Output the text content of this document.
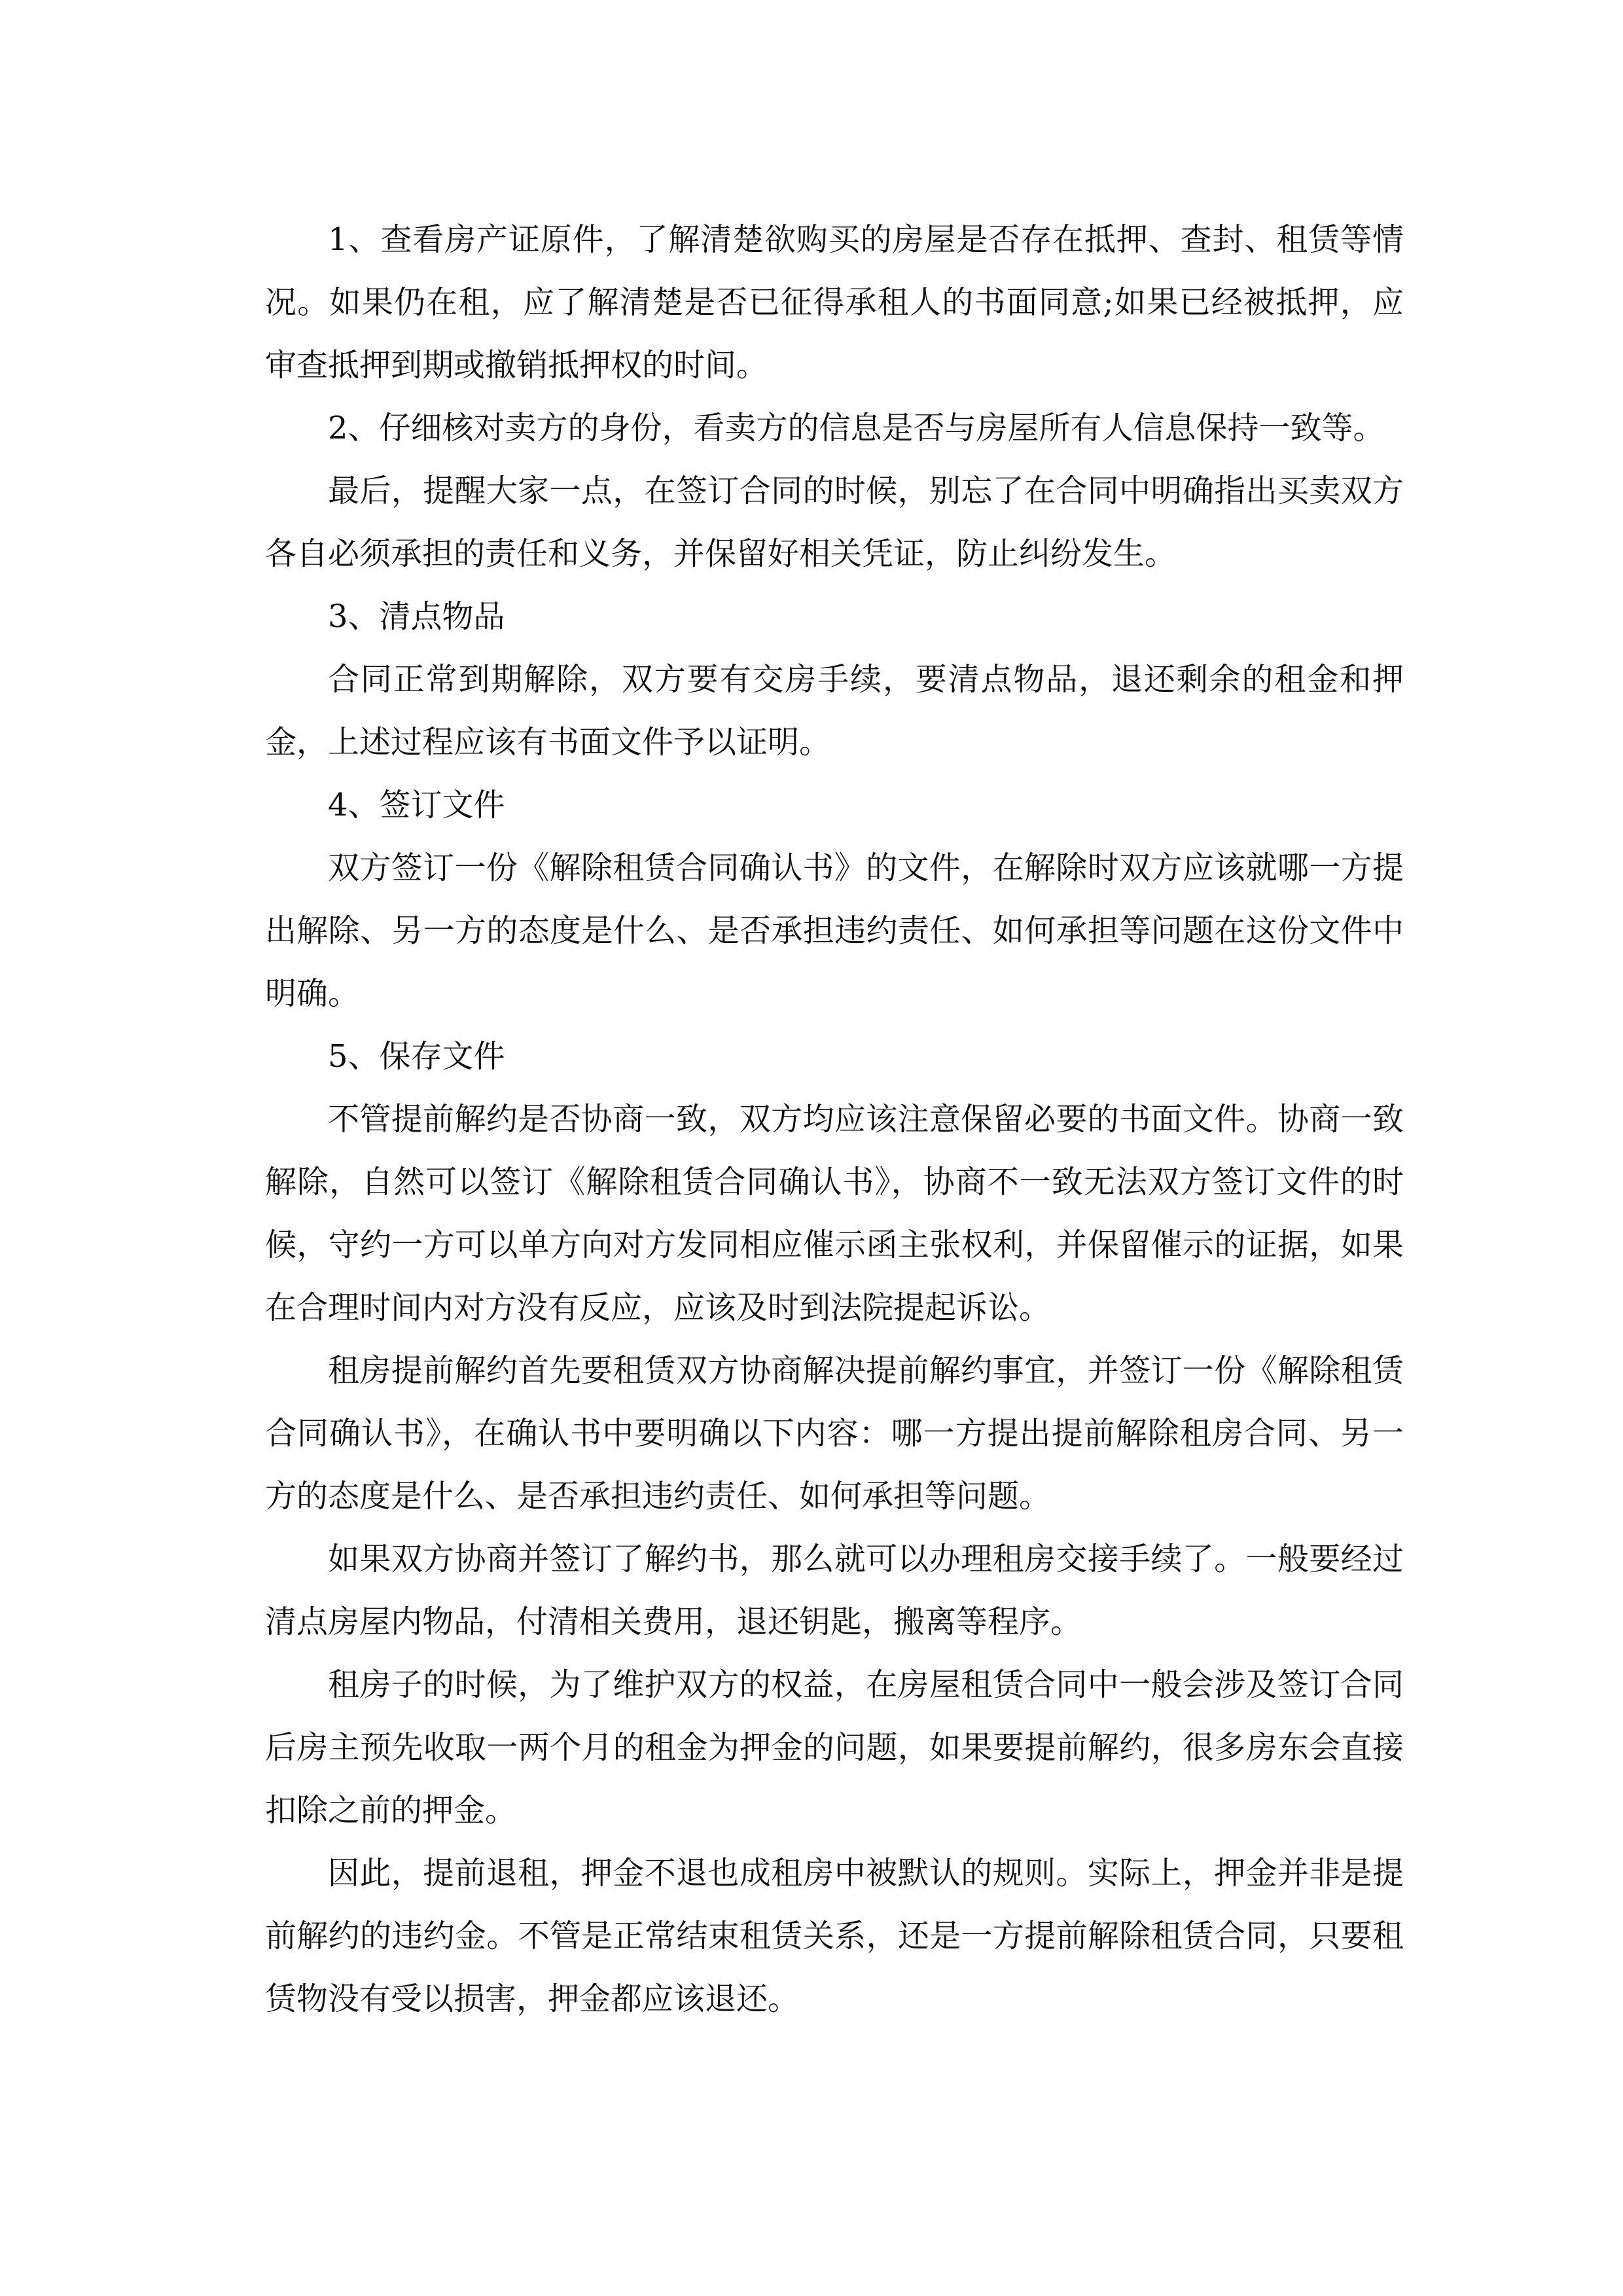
1、查看房产证原件，了解清楚欲购买的房屋是否存在抵押、查封、租赁等情况。如果仍在租，应了解清楚是否已征得承租人的书面同意;如果已经被抵押，应审查抵押到期或撤销抵押权的时间。

2、仔细核对卖方的身份，看卖方的信息是否与房屋所有人信息保持一致等。

最后，提醒大家一点，在签订合同的时候，别忘了在合同中明确指出买卖双方各自必须承担的责任和义务，并保留好相关凭证，防止纠纷发生。

3、清点物品

合同正常到期解除，双方要有交房手续，要清点物品，退还剩余的租金和押金，上述过程应该有书面文件予以证明。

4、签订文件

双方签订一份《解除租赁合同确认书》的文件，在解除时双方应该就哪一方提出解除、另一方的态度是什么、是否承担违约责任、如何承担等问题在这份文件中明确。

5、保存文件

不管提前解约是否协商一致，双方均应该注意保留必要的书面文件。协商一致解除，自然可以签订《解除租赁合同确认书》，协商不一致无法双方签订文件的时候，守约一方可以单方向对方发同相应催示函主张权利，并保留催示的证据，如果在合理时间内对方没有反应，应该及时到法院提起诉讼。

租房提前解约首先要租赁双方协商解决提前解约事宜，并签订一份《解除租赁合同确认书》，在确认书中要明确以下内容：哪一方提出提前解除租房合同、另一方的态度是什么、是否承担违约责任、如何承担等问题。

如果双方协商并签订了解约书，那么就可以办理租房交接手续了。一般要经过清点房屋内物品，付清相关费用，退还钥匙，搬离等程序。

租房子的时候，为了维护双方的权益，在房屋租赁合同中一般会涉及签订合同后房主预先收取一两个月的租金为押金的问题，如果要提前解约，很多房东会直接扣除之前的押金。

因此，提前退租，押金不退也成租房中被默认的规则。实际上，押金并非是提前解约的违约金。不管是正常结束租赁关系，还是一方提前解除租赁合同，只要租赁物没有受以损害，押金都应该退还。
